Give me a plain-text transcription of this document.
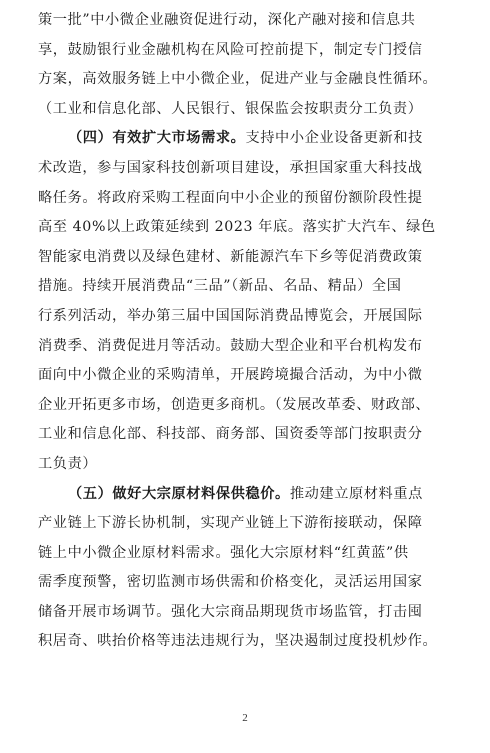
策一批”中小微企业融资促进行动，深化产融对接和信息共
享，鼓励银行业金融机构在风险可控前提下，制定专门授信
方案，高效服务链上中小微企业，促进产业与金融良性循环。
（工业和信息化部、人民银行、银保监会按职责分工负责）
（四）有效扩大市场需求。支持中小企业设备更新和技
术改造，参与国家科技创新项目建设，承担国家重大科技战
略任务。将政府采购工程面向中小企业的预留份额阶段性提
高至 40%以上政策延续到 2023 年底。落实扩大汽车、绿色
智能家电消费以及绿色建材、新能源汽车下乡等促消费政策
措施。持续开展消费品“三品”（新品、名品、精品）全国
行系列活动，举办第三届中国国际消费品博览会，开展国际
消费季、消费促进月等活动。鼓励大型企业和平台机构发布
面向中小微企业的采购清单，开展跨境撮合活动，为中小微
企业开拓更多市场，创造更多商机。（发展改革委、财政部、
工业和信息化部、科技部、商务部、国资委等部门按职责分
工负责）
（五）做好大宗原材料保供稳价。推动建立原材料重点
产业链上下游长协机制，实现产业链上下游衔接联动，保障
链上中小微企业原材料需求。强化大宗原材料“红黄蓝”供
需季度预警，密切监测市场供需和价格变化，灵活运用国家
储备开展市场调节。强化大宗商品期现货市场监管，打击囤
积居奇、哄抬价格等违法违规行为，坚决遏制过度投机炒作。
2
